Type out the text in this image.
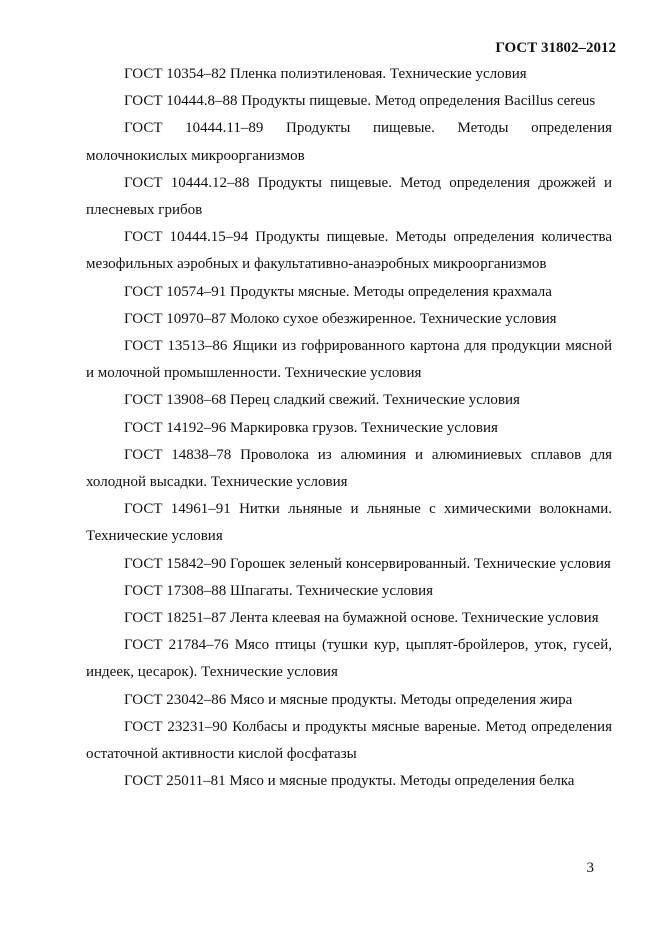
ГОСТ 31802–2012

ГОСТ 10354–82 Пленка полиэтиленовая. Технические условия

ГОСТ 10444.8–88 Продукты пищевые. Метод определения Bacillus cereus

ГОСТ 10444.11–89 Продукты пищевые. Методы определения молочнокислых микроорганизмов

ГОСТ 10444.12–88 Продукты пищевые. Метод определения дрожжей и плесневых грибов

ГОСТ 10444.15–94 Продукты пищевые. Методы определения количества мезофильных аэробных и факультативно-анаэробных микроорганизмов

ГОСТ 10574–91 Продукты мясные. Методы определения крахмала

ГОСТ 10970–87 Молоко сухое обезжиренное. Технические условия

ГОСТ 13513–86 Ящики из гофрированного картона для продукции мясной и молочной промышленности. Технические условия

ГОСТ 13908–68 Перец сладкий свежий. Технические условия

ГОСТ 14192–96 Маркировка грузов. Технические условия

ГОСТ 14838–78 Проволока из алюминия и алюминиевых сплавов для холодной высадки. Технические условия

ГОСТ 14961–91 Нитки льняные и льняные с химическими волокнами. Технические условия

ГОСТ 15842–90 Горошек зеленый консервированный. Технические условия

ГОСТ 17308–88 Шпагаты. Технические условия

ГОСТ 18251–87 Лента клеевая на бумажной основе. Технические условия

ГОСТ 21784–76 Мясо птицы (тушки кур, цыплят-бройлеров, уток, гусей, индеек, цесарок). Технические условия

ГОСТ 23042–86 Мясо и мясные продукты. Методы определения жира

ГОСТ 23231–90 Колбасы и продукты мясные вареные. Метод определения остаточной активности кислой фосфатазы

ГОСТ 25011–81 Мясо и мясные продукты. Методы определения белка

3
